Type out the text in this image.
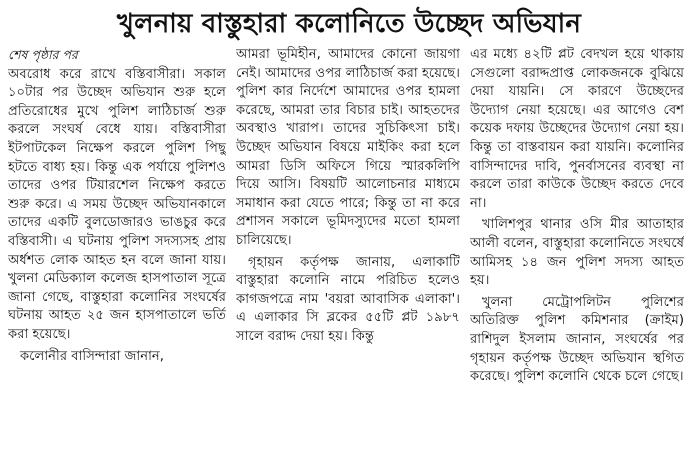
খুলনায় বাস্তুহারা কলোনিতে উচ্ছেদ অভিযান
শেষ পৃষ্ঠার পর

অবরোধ করে রাখে বস্তিবাসীরা। সকাল ১০টার পর উচ্ছেদ অভিযান শুরু হলে প্রতিরোধের মুখে পুলিশ লাঠিচার্জ শুরু করলে সংঘর্ষ বেধে যায়। বস্তিবাসীরা ইটপাটকেল নিক্ষেপ করলে পুলিশ পিছু হটতে বাধ্য হয়। কিন্তু এক পর্যায়ে পুলিশও তাদের ওপর টিয়ারশেল নিক্ষেপ করতে শুরু করে। এ সময় উচ্ছেদ অভিযানকালে তাদের একটি বুলডোজারও ভাঙচুর করে বস্তিবাসী। এ ঘটনায় পুলিশ সদস্যসহ প্রায় অর্ধশত লোক আহত হন বলে জানা যায়। খুলনা মেডিক্যাল কলেজ হাসপাতাল সূত্রে জানা গেছে, বাস্তুহারা কলোনির সংঘর্ষের ঘটনায় আহত ২৫ জন হাসপাতালে ভর্তি করা হয়েছে।

কলোনীর বাসিন্দারা জানান,

আমরা ভূমিহীন, আমাদের কোনো জায়গা নেই। আমাদের ওপর লাঠিচার্জ করা হয়েছে। পুলিশ কার নির্দেশে আমাদের ওপর হামলা করেছে, আমরা তার বিচার চাই। আহতদের অবস্থাও খারাপ। তাদের সুচিকিৎসা চাই। উচ্ছেদ অভিযান বিষয়ে মাইকিং করা হলে আমরা ডিসি অফিসে গিয়ে স্মারকলিপি দিয়ে আসি। বিষয়টি আলোচনার মাধ্যমে সমাধান করা যেতে পারে; কিন্তু তা না করে প্রশাসন সকালে ভূমিদস্যুদের মতো হামলা চালিয়েছে।

গৃহায়ন কর্তৃপক্ষ জানায়, এলাকাটি বাস্তুহারা কলোনি নামে পরিচিত হলেও কাগজপত্রে নাম 'বয়রা আবাসিক এলাকা'। এ এলাকার সি ব্লকের ৫৫টি প্লট ১৯৮৭ সালে বরাদ্দ দেয়া হয়। কিন্তু

এর মধ্যে ৪২টি প্লট বেদখল হয়ে থাকায় সেগুলো বরাদ্দপ্রাপ্ত লোকজনকে বুঝিয়ে দেয়া যায়নি। সে কারণে উচ্ছেদের উদ্যোগ নেয়া হয়েছে। এর আগেও বেশ কয়েক দফায় উচ্ছেদের উদ্যোগ নেয়া হয়। কিন্তু তা বাস্তবায়ন করা যায়নি। কলোনির বাসিন্দাদের দাবি, পুনর্বাসনের ব্যবস্থা না করলে তারা কাউকে উচ্ছেদ করতে দেবে না।

খালিশপুর থানার ওসি মীর আতাহার আলী বলেন, বাস্তুহারা কলোনিতে সংঘর্ষে আমিসহ ১৪ জন পুলিশ সদস্য আহত হয়।

খুলনা মেট্রোপলিটন পুলিশের অতিরিক্ত পুলিশ কমিশনার (ক্রাইম) রাশিদুল ইসলাম জানান, সংঘর্ষের পর গৃহায়ন কর্তৃপক্ষ উচ্ছেদ অভিযান স্থগিত করেছে। পুলিশ কলোনি থেকে চলে গেছে।
